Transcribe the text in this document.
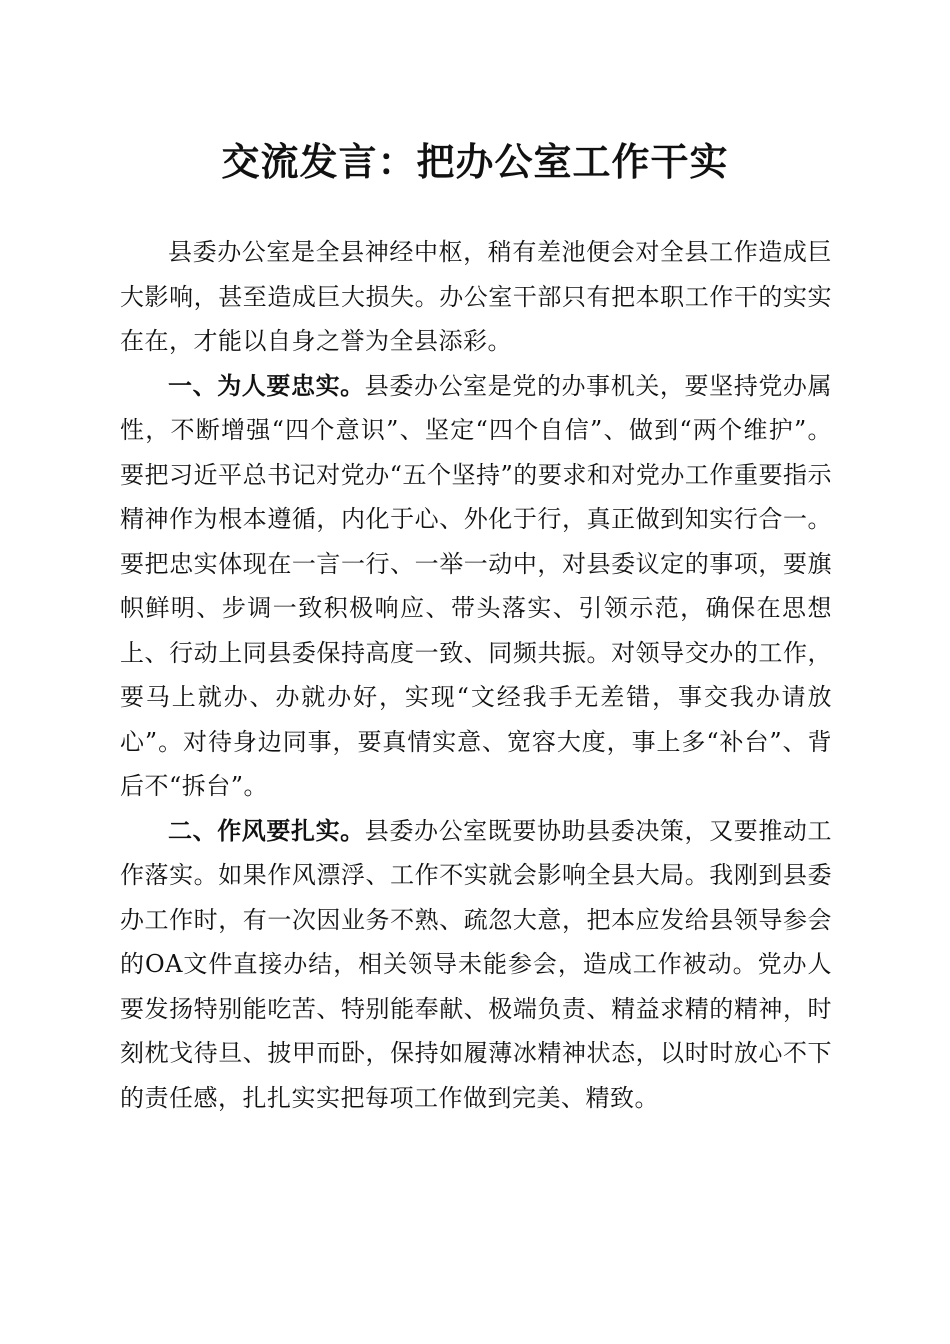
交流发言：把办公室工作干实

县委办公室是全县神经中枢，稍有差池便会对全县工作造成巨大影响，甚至造成巨大损失。办公室干部只有把本职工作干的实实在在，才能以自身之誉为全县添彩。

一、为人要忠实。县委办公室是党的办事机关，要坚持党办属性，不断增强“四个意识”、坚定“四个自信”、做到“两个维护”。要把习近平总书记对党办“五个坚持”的要求和对党办工作重要指示精神作为根本遵循，内化于心、外化于行，真正做到知实行合一。要把忠实体现在一言一行、一举一动中，对县委议定的事项，要旗帜鲜明、步调一致积极响应、带头落实、引领示范，确保在思想上、行动上同县委保持高度一致、同频共振。对领导交办的工作，要马上就办、办就办好，实现“文经我手无差错，事交我办请放心”。对待身边同事，要真情实意、宽容大度，事上多“补台”、背后不“拆台”。

二、作风要扎实。县委办公室既要协助县委决策，又要推动工作落实。如果作风漂浮、工作不实就会影响全县大局。我刚到县委办工作时，有一次因业务不熟、疏忽大意，把本应发给县领导参会的OA文件直接办结，相关领导未能参会，造成工作被动。党办人要发扬特别能吃苦、特别能奉献、极端负责、精益求精的精神，时刻枕戈待旦、披甲而卧，保持如履薄冰精神状态，以时时放心不下的责任感，扎扎实实把每项工作做到完美、精致。
